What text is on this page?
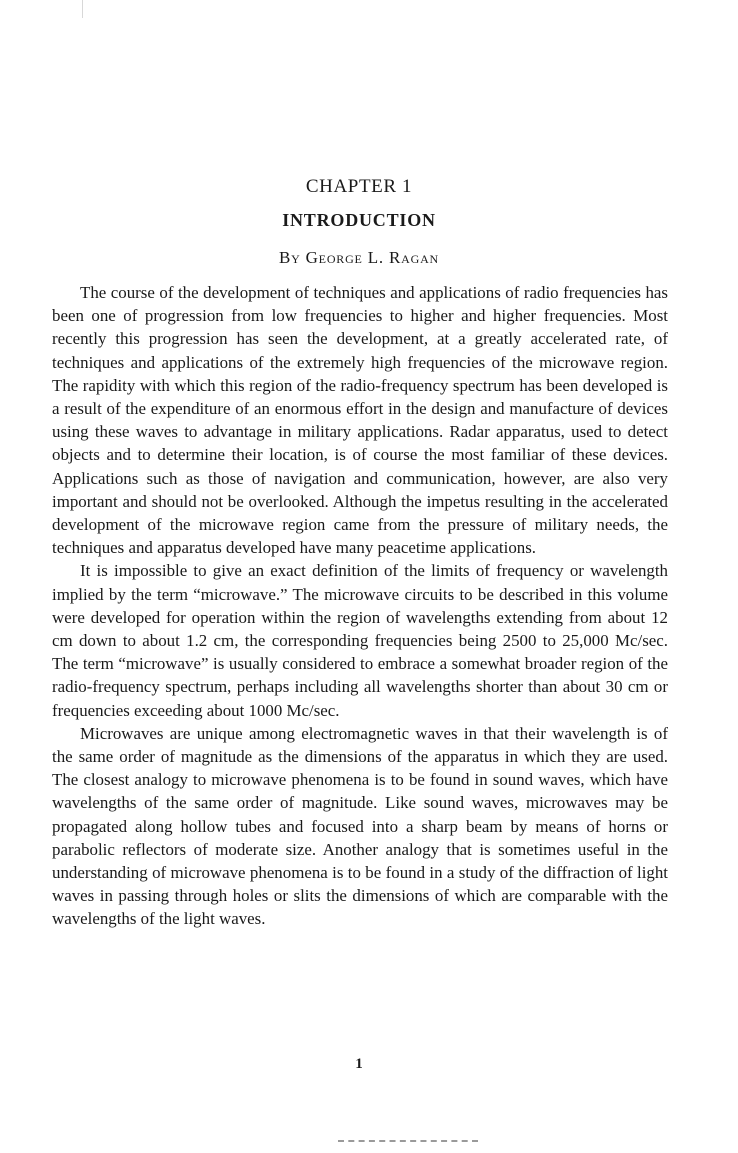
CHAPTER 1
INTRODUCTION
By George L. Ragan

The course of the development of techniques and applications of radio frequencies has been one of progression from low frequencies to higher and higher frequencies. Most recently this progression has seen the development, at a greatly accelerated rate, of techniques and applications of the extremely high frequencies of the microwave region. The rapidity with which this region of the radio-frequency spectrum has been developed is a result of the expenditure of an enormous effort in the design and manufacture of devices using these waves to advantage in military applications. Radar apparatus, used to detect objects and to determine their location, is of course the most familiar of these devices. Applications such as those of navigation and communication, however, are also very important and should not be overlooked. Although the impetus resulting in the accelerated development of the microwave region came from the pressure of military needs, the techniques and apparatus developed have many peacetime applications.

It is impossible to give an exact definition of the limits of frequency or wavelength implied by the term “microwave.” The microwave circuits to be described in this volume were developed for operation within the region of wavelengths extending from about 12 cm down to about 1.2 cm, the corresponding frequencies being 2500 to 25,000 Mc/sec. The term “microwave” is usually considered to embrace a somewhat broader region of the radio-frequency spectrum, perhaps including all wavelengths shorter than about 30 cm or frequencies exceeding about 1000 Mc/sec.

Microwaves are unique among electromagnetic waves in that their wavelength is of the same order of magnitude as the dimensions of the apparatus in which they are used. The closest analogy to microwave phenomena is to be found in sound waves, which have wavelengths of the same order of magnitude. Like sound waves, microwaves may be propagated along hollow tubes and focused into a sharp beam by means of horns or parabolic reflectors of moderate size. Another analogy that is sometimes useful in the understanding of microwave phenomena is to be found in a study of the diffraction of light waves in passing through holes or slits the dimensions of which are comparable with the wavelengths of the light waves.

1
